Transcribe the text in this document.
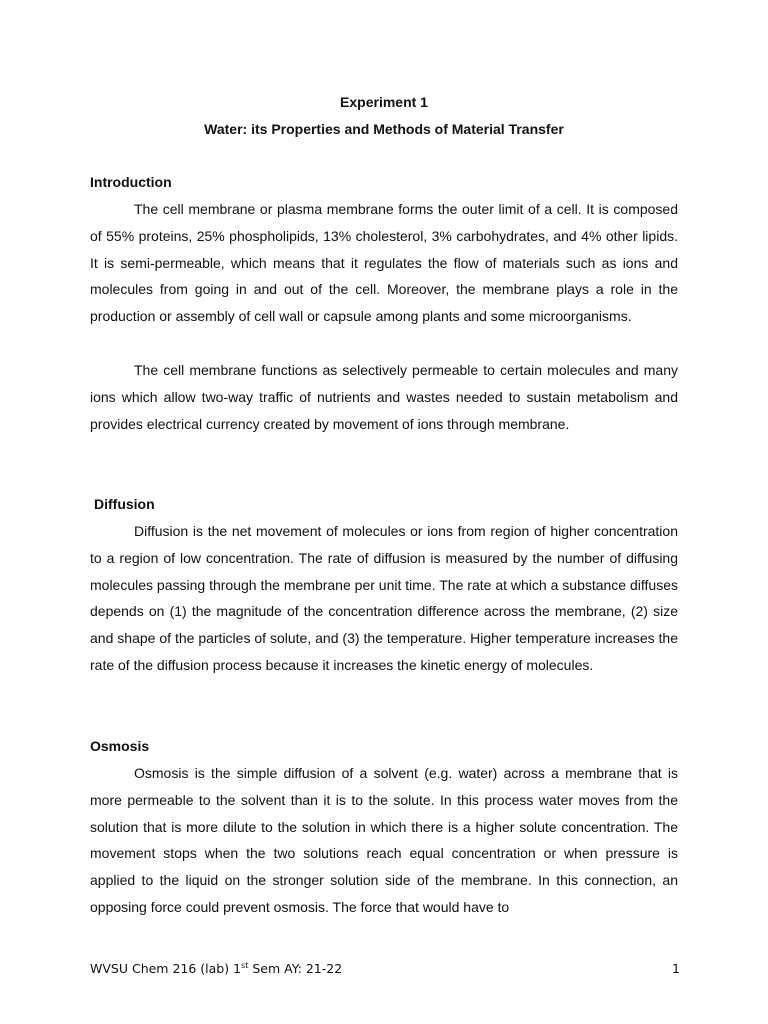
Experiment 1
Water: its Properties and Methods of Material Transfer
Introduction

The cell membrane or plasma membrane forms the outer limit of a cell. It is composed of 55% proteins, 25% phospholipids, 13% cholesterol, 3% carbohydrates, and 4% other lipids. It is semi-permeable, which means that it regulates the flow of materials such as ions and molecules from going in and out of the cell. Moreover, the membrane plays a role in the production or assembly of cell wall or capsule among plants and some microorganisms.

The cell membrane functions as selectively permeable to certain molecules and many ions which allow two-way traffic of nutrients and wastes needed to sustain metabolism and provides electrical currency created by movement of ions through membrane.

Diffusion

Diffusion is the net movement of molecules or ions from region of higher concentration to a region of low concentration. The rate of diffusion is measured by the number of diffusing molecules passing through the membrane per unit time. The rate at which a substance diffuses depends on (1) the magnitude of the concentration difference across the membrane, (2) size and shape of the particles of solute, and (3) the temperature. Higher temperature increases the rate of the diffusion process because it increases the kinetic energy of molecules.

Osmosis

Osmosis is the simple diffusion of a solvent (e.g. water) across a membrane that is more permeable to the solvent than it is to the solute. In this process water moves from the solution that is more dilute to the solution in which there is a higher solute concentration. The movement stops when the two solutions reach equal concentration or when pressure is applied to the liquid on the stronger solution side of the membrane. In this connection, an opposing force could prevent osmosis. The force that would have to

WVSU Chem 216 (lab) 1st Sem AY: 21-22	1
